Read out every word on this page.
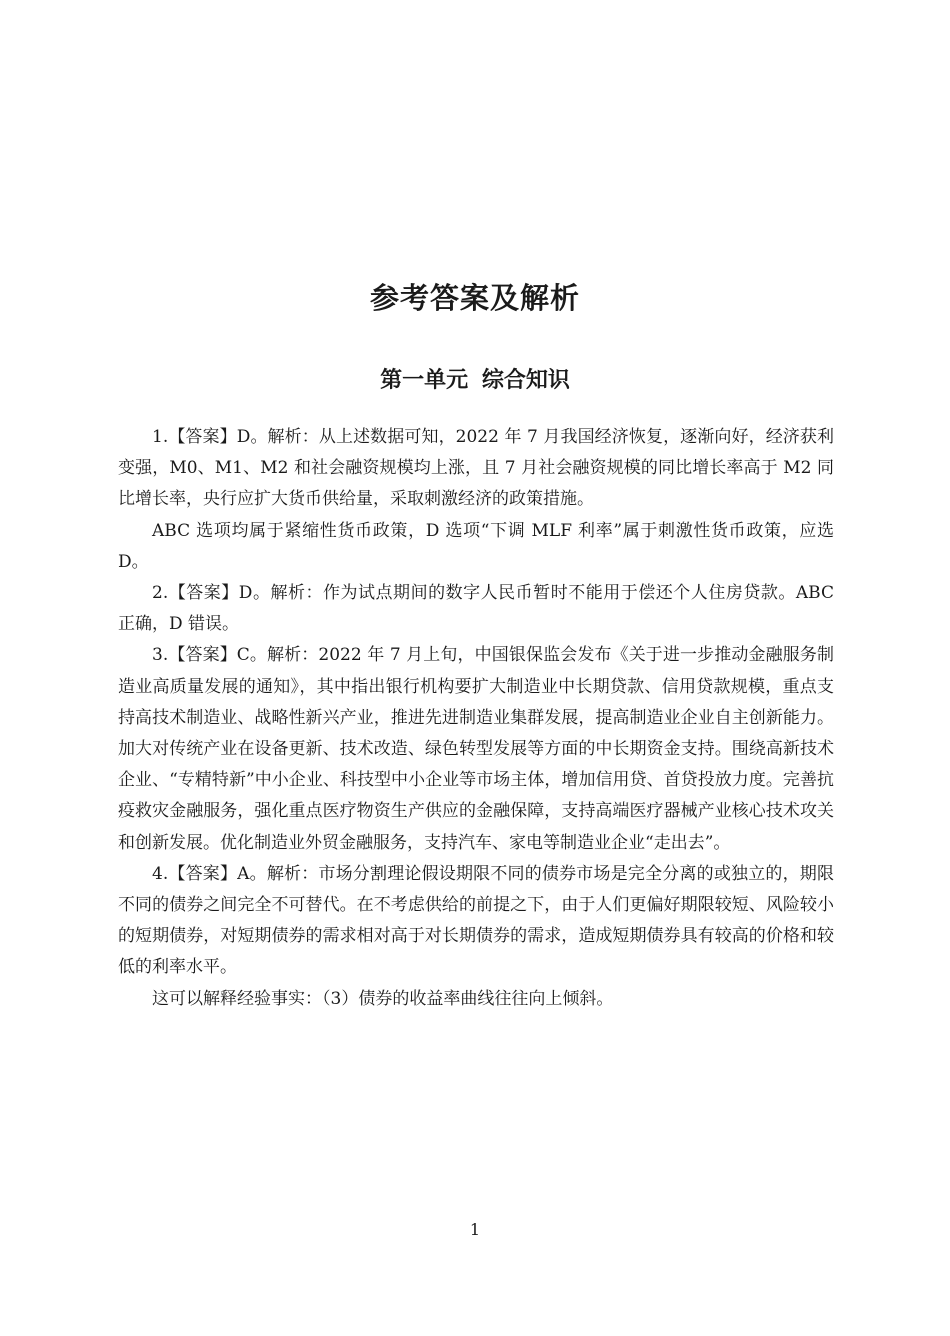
参考答案及解析
第一单元 综合知识

1.【答案】D。解析：从上述数据可知，2022 年 7 月我国经济恢复，逐渐向好，经济获利变强，M0、M1、M2 和社会融资规模均上涨，且 7 月社会融资规模的同比增长率高于 M2 同比增长率，央行应扩大货币供给量，采取刺激经济的政策措施。

ABC 选项均属于紧缩性货币政策，D 选项“下调 MLF 利率”属于刺激性货币政策，应选 D。

2.【答案】D。解析：作为试点期间的数字人民币暂时不能用于偿还个人住房贷款。ABC 正确，D 错误。

3.【答案】C。解析：2022 年 7 月上旬，中国银保监会发布《关于进一步推动金融服务制造业高质量发展的通知》，其中指出银行机构要扩大制造业中长期贷款、信用贷款规模，重点支持高技术制造业、战略性新兴产业，推进先进制造业集群发展，提高制造业企业自主创新能力。加大对传统产业在设备更新、技术改造、绿色转型发展等方面的中长期资金支持。围绕高新技术企业、“专精特新”中小企业、科技型中小企业等市场主体，增加信用贷、首贷投放力度。完善抗疫救灾金融服务，强化重点医疗物资生产供应的金融保障，支持高端医疗器械产业核心技术攻关和创新发展。优化制造业外贸金融服务，支持汽车、家电等制造业企业“走出去”。

4.【答案】A。解析：市场分割理论假设期限不同的债券市场是完全分离的或独立的，期限不同的债券之间完全不可替代。在不考虑供给的前提之下，由于人们更偏好期限较短、风险较小的短期债券，对短期债券的需求相对高于对长期债券的需求，造成短期债券具有较高的价格和较低的利率水平。

这可以解释经验事实：（3）债券的收益率曲线往往向上倾斜。

1
